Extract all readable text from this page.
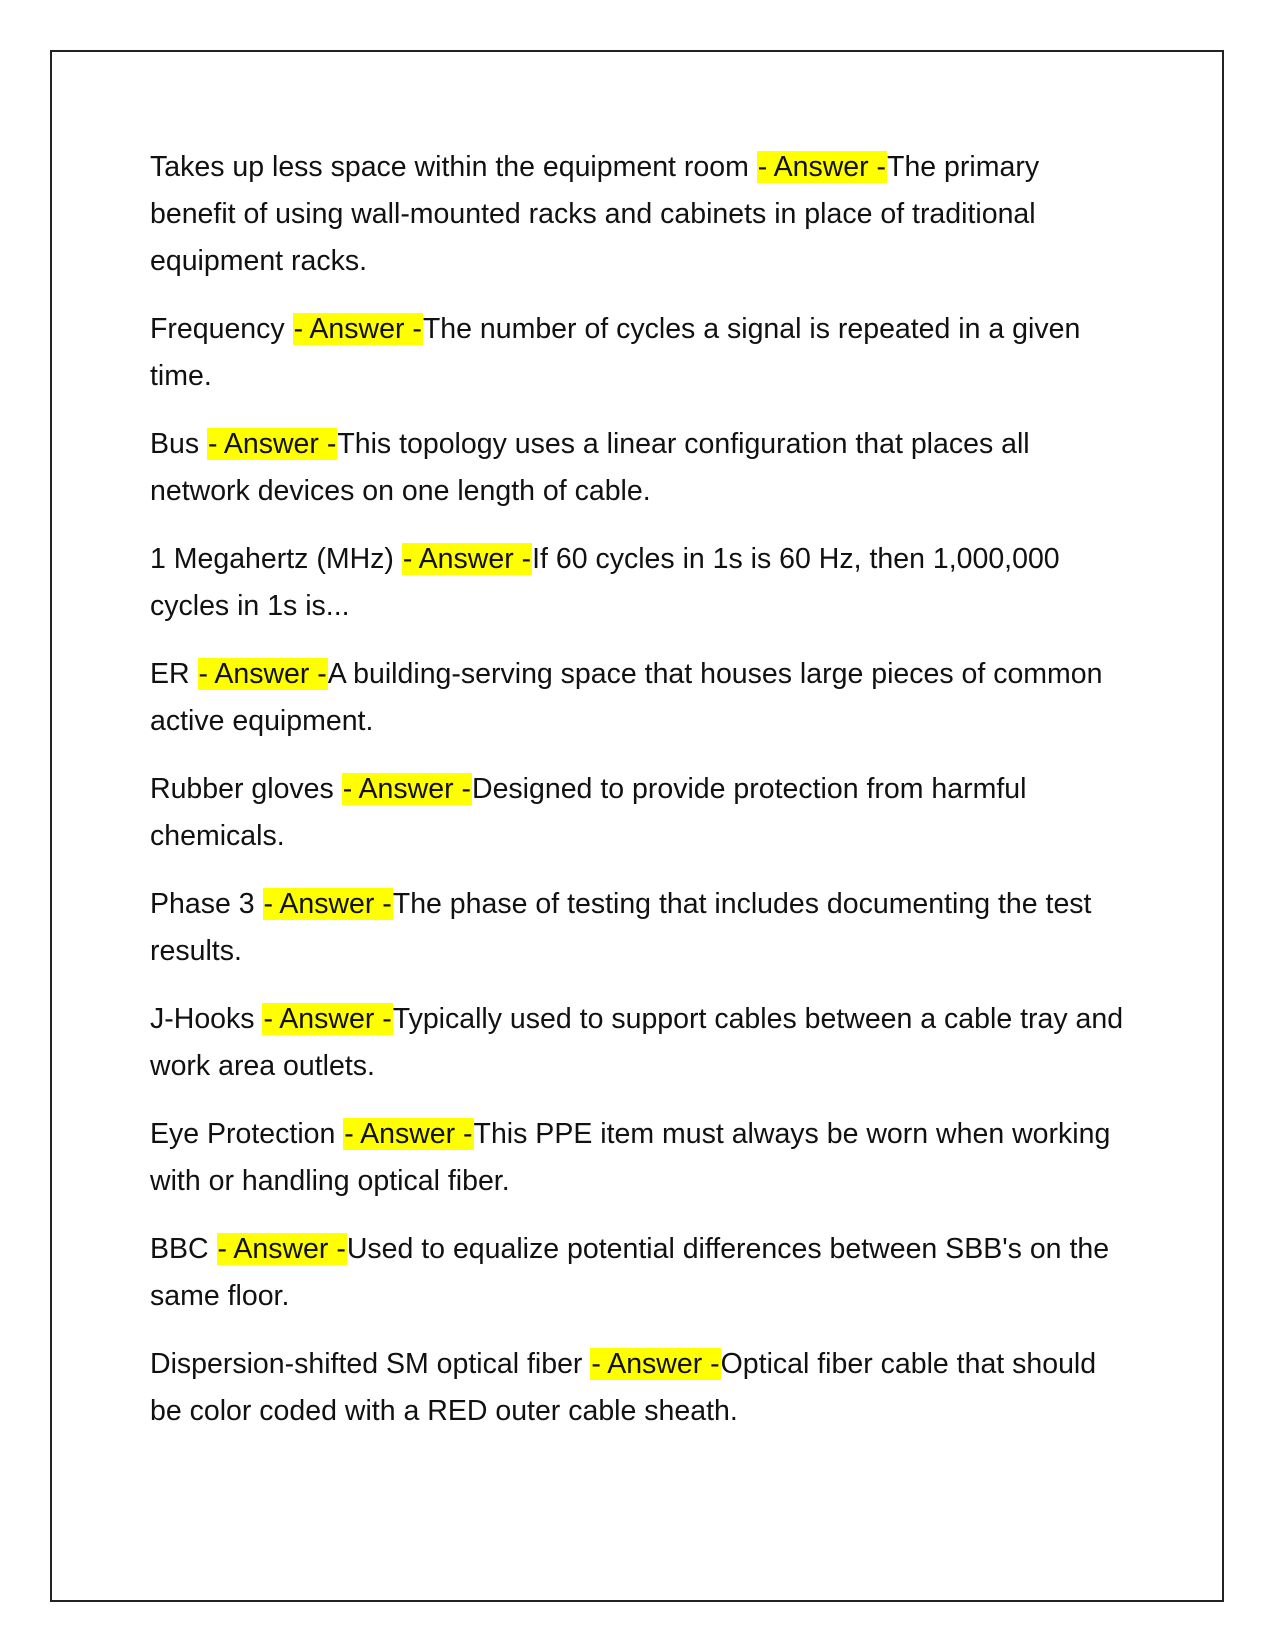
Takes up less space within the equipment room - Answer -The primary benefit of using wall-mounted racks and cabinets in place of traditional equipment racks.

Frequency - Answer -The number of cycles a signal is repeated in a given time.

Bus - Answer -This topology uses a linear configuration that places all network devices on one length of cable.

1 Megahertz (MHz) - Answer -If 60 cycles in 1s is 60 Hz, then 1,000,000 cycles in 1s is...

ER - Answer -A building-serving space that houses large pieces of common active equipment.

Rubber gloves - Answer -Designed to provide protection from harmful chemicals.

Phase 3 - Answer -The phase of testing that includes documenting the test results.

J-Hooks - Answer -Typically used to support cables between a cable tray and work area outlets.

Eye Protection - Answer -This PPE item must always be worn when working with or handling optical fiber.

BBC - Answer -Used to equalize potential differences between SBB's on the same floor.

Dispersion-shifted SM optical fiber - Answer -Optical fiber cable that should be color coded with a RED outer cable sheath.
